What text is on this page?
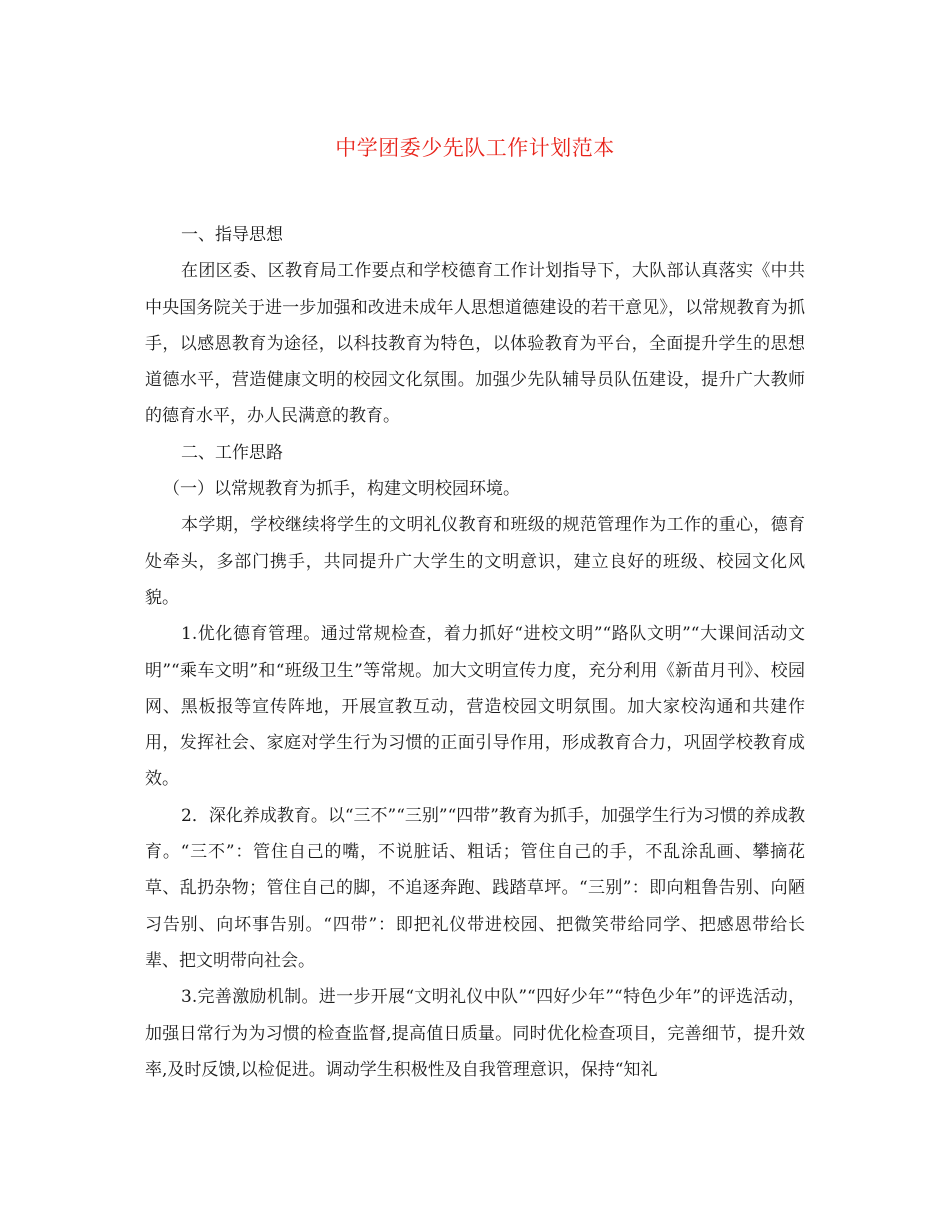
中学团委少先队工作计划范本

一、指导思想

在团区委、区教育局工作要点和学校德育工作计划指导下，大队部认真落实《中共中央国务院关于进一步加强和改进未成年人思想道德建设的若干意见》，以常规教育为抓手，以感恩教育为途径，以科技教育为特色，以体验教育为平台，全面提升学生的思想道德水平，营造健康文明的校园文化氛围。加强少先队辅导员队伍建设，提升广大教师的德育水平，办人民满意的教育。

二、工作思路

（一）以常规教育为抓手，构建文明校园环境。

本学期，学校继续将学生的文明礼仪教育和班级的规范管理作为工作的重心，德育处牵头，多部门携手，共同提升广大学生的文明意识，建立良好的班级、校园文化风貌。

1.优化德育管理。通过常规检查，着力抓好“进校文明”“路队文明”“大课间活动文明”“乘车文明”和“班级卫生”等常规。加大文明宣传力度，充分利用《新苗月刊》、校园网、黑板报等宣传阵地，开展宣教互动，营造校园文明氛围。加大家校沟通和共建作用，发挥社会、家庭对学生行为习惯的正面引导作用，形成教育合力，巩固学校教育成效。

2．深化养成教育。以“三不”“三别”“四带”教育为抓手，加强学生行为习惯的养成教育。“三不”：管住自己的嘴，不说脏话、粗话；管住自己的手，不乱涂乱画、攀摘花草、乱扔杂物；管住自己的脚，不追逐奔跑、践踏草坪。“三别”：即向粗鲁告别、向陋习告别、向坏事告别。“四带”：即把礼仪带进校园、把微笑带给同学、把感恩带给长辈、把文明带向社会。

3.完善激励机制。进一步开展“文明礼仪中队”“四好少年”“特色少年”的评选活动，加强日常行为为习惯的检查监督,提高值日质量。同时优化检查项目，完善细节，提升效率,及时反馈,以检促进。调动学生积极性及自我管理意识，保持“知礼
